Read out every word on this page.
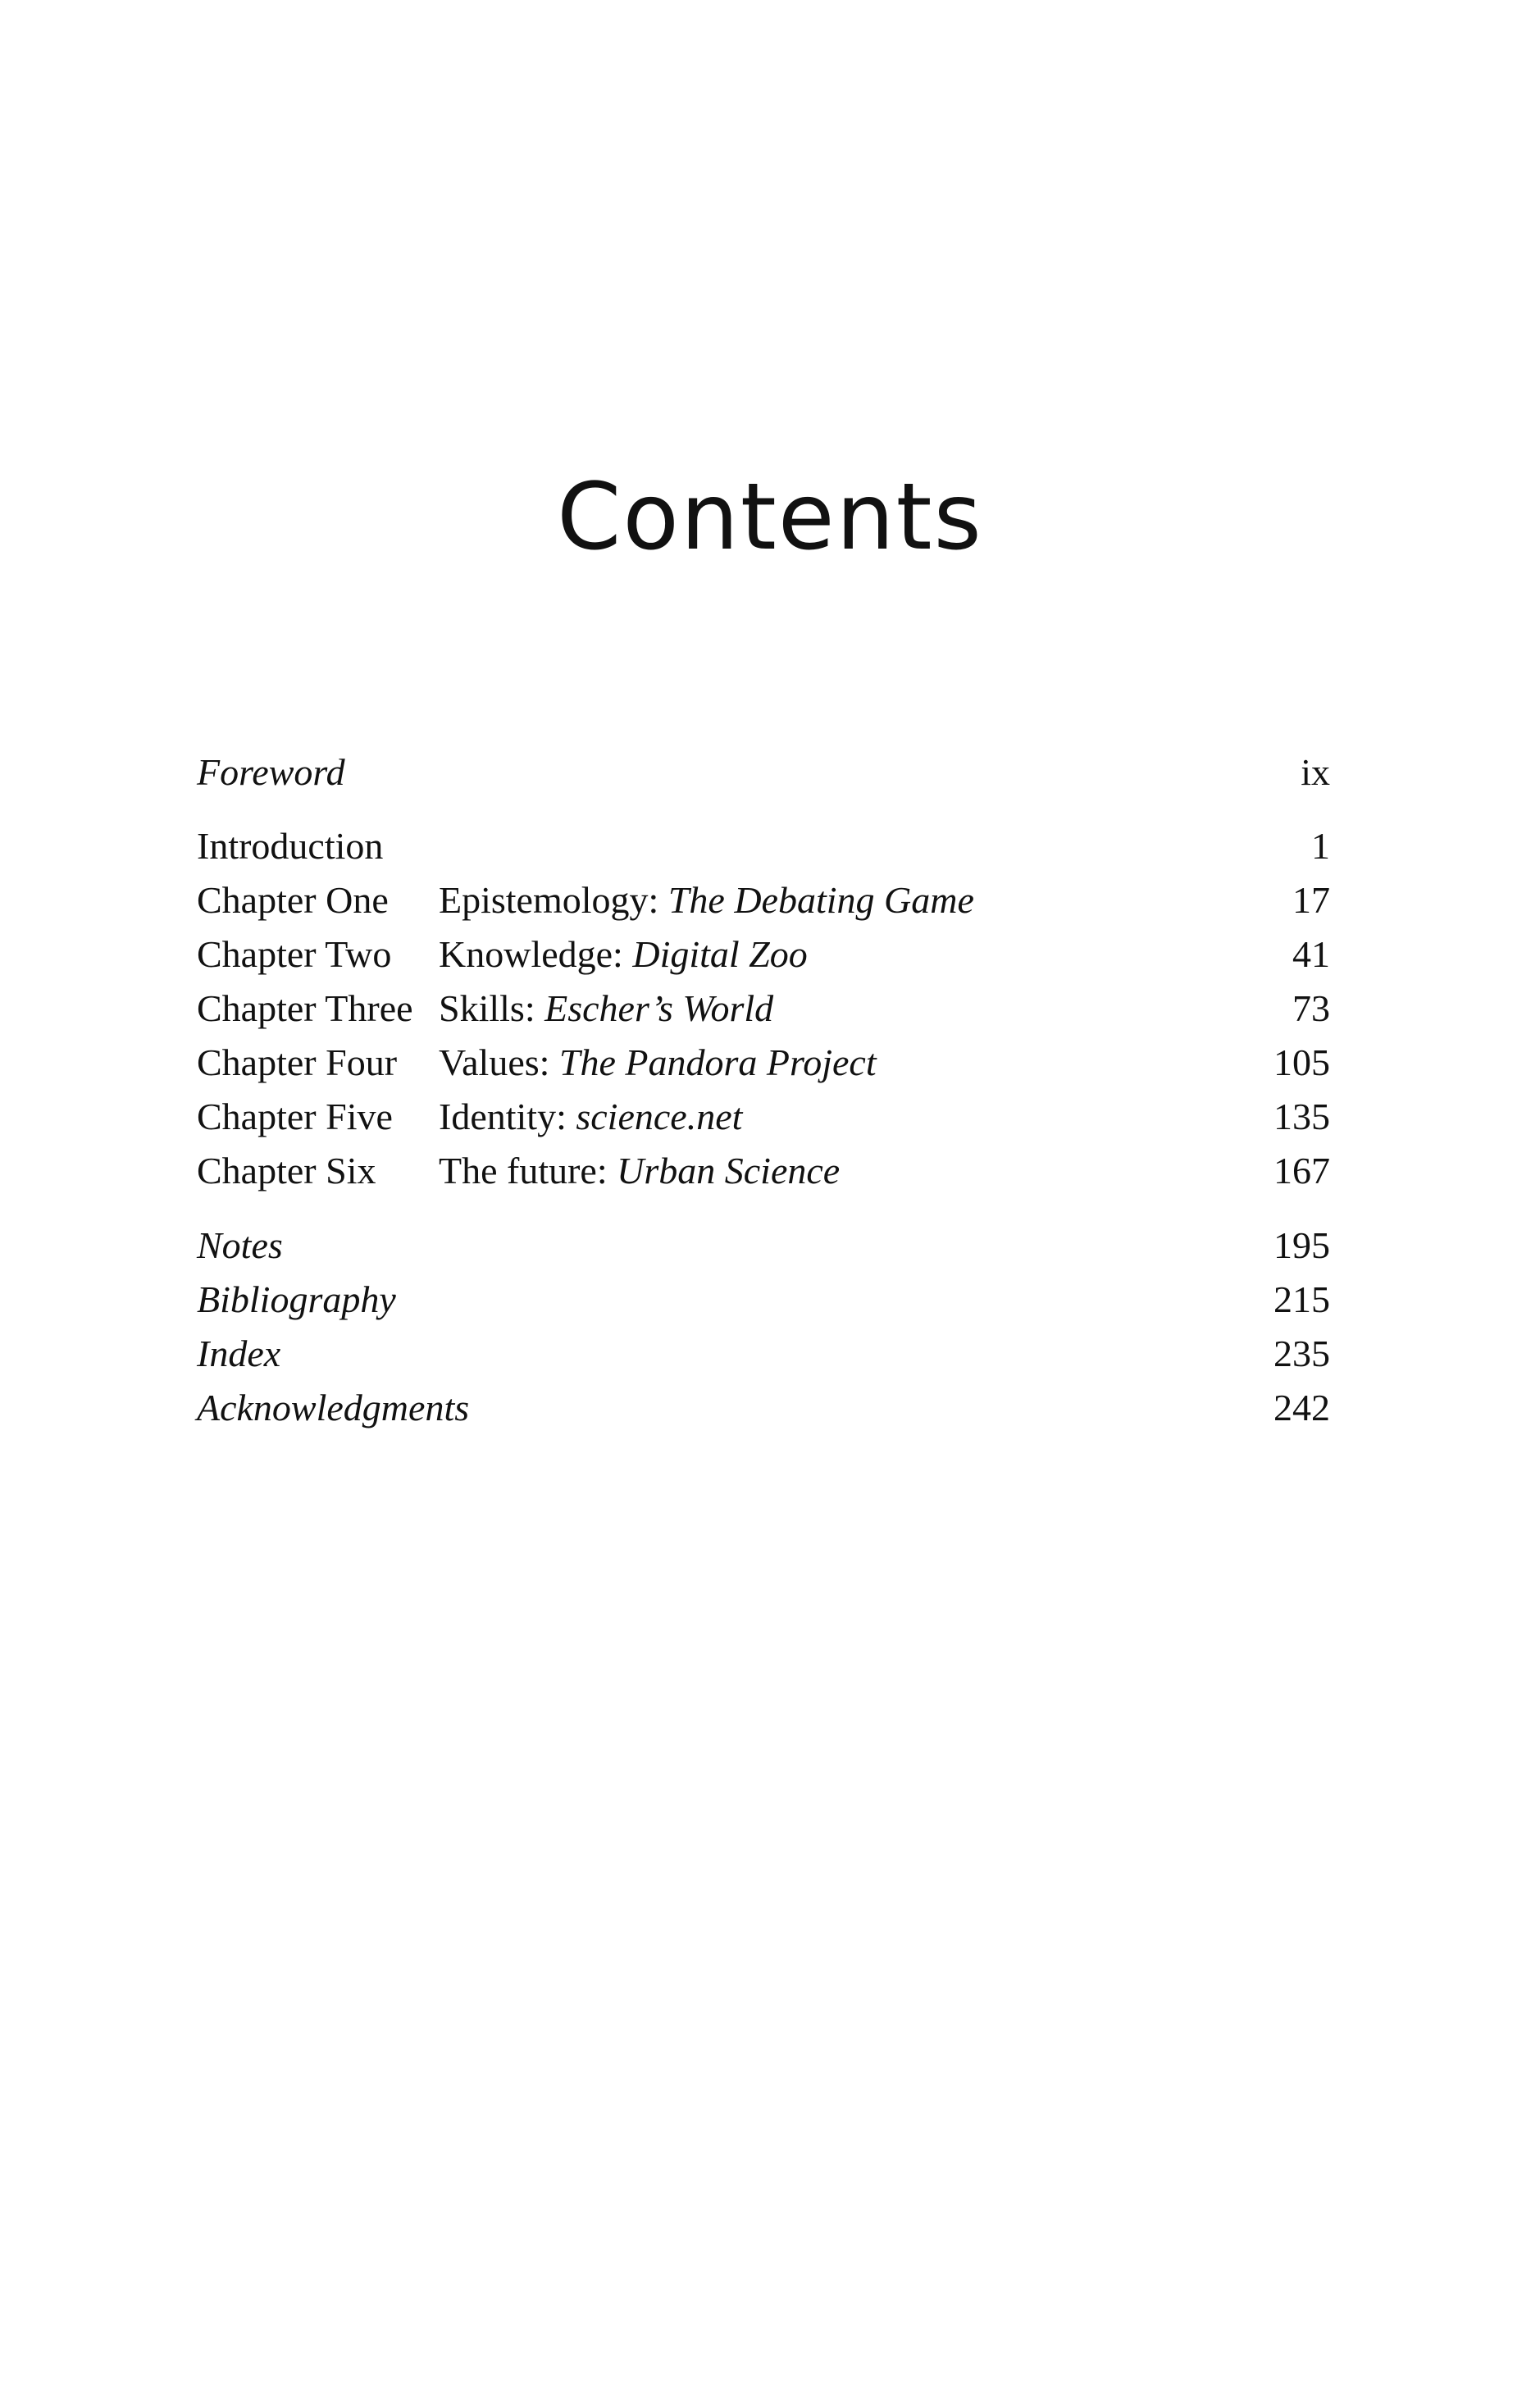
Contents
Foreword	ix
Introduction	1
Chapter One Epistemology: The Debating Game	17
Chapter Two Knowledge: Digital Zoo	41
Chapter Three Skills: Escher’s World	73
Chapter Four Values: The Pandora Project	105
Chapter Five Identity: science.net	135
Chapter Six The future: Urban Science	167
Notes	195
Bibliography	215
Index	235
Acknowledgments	242
